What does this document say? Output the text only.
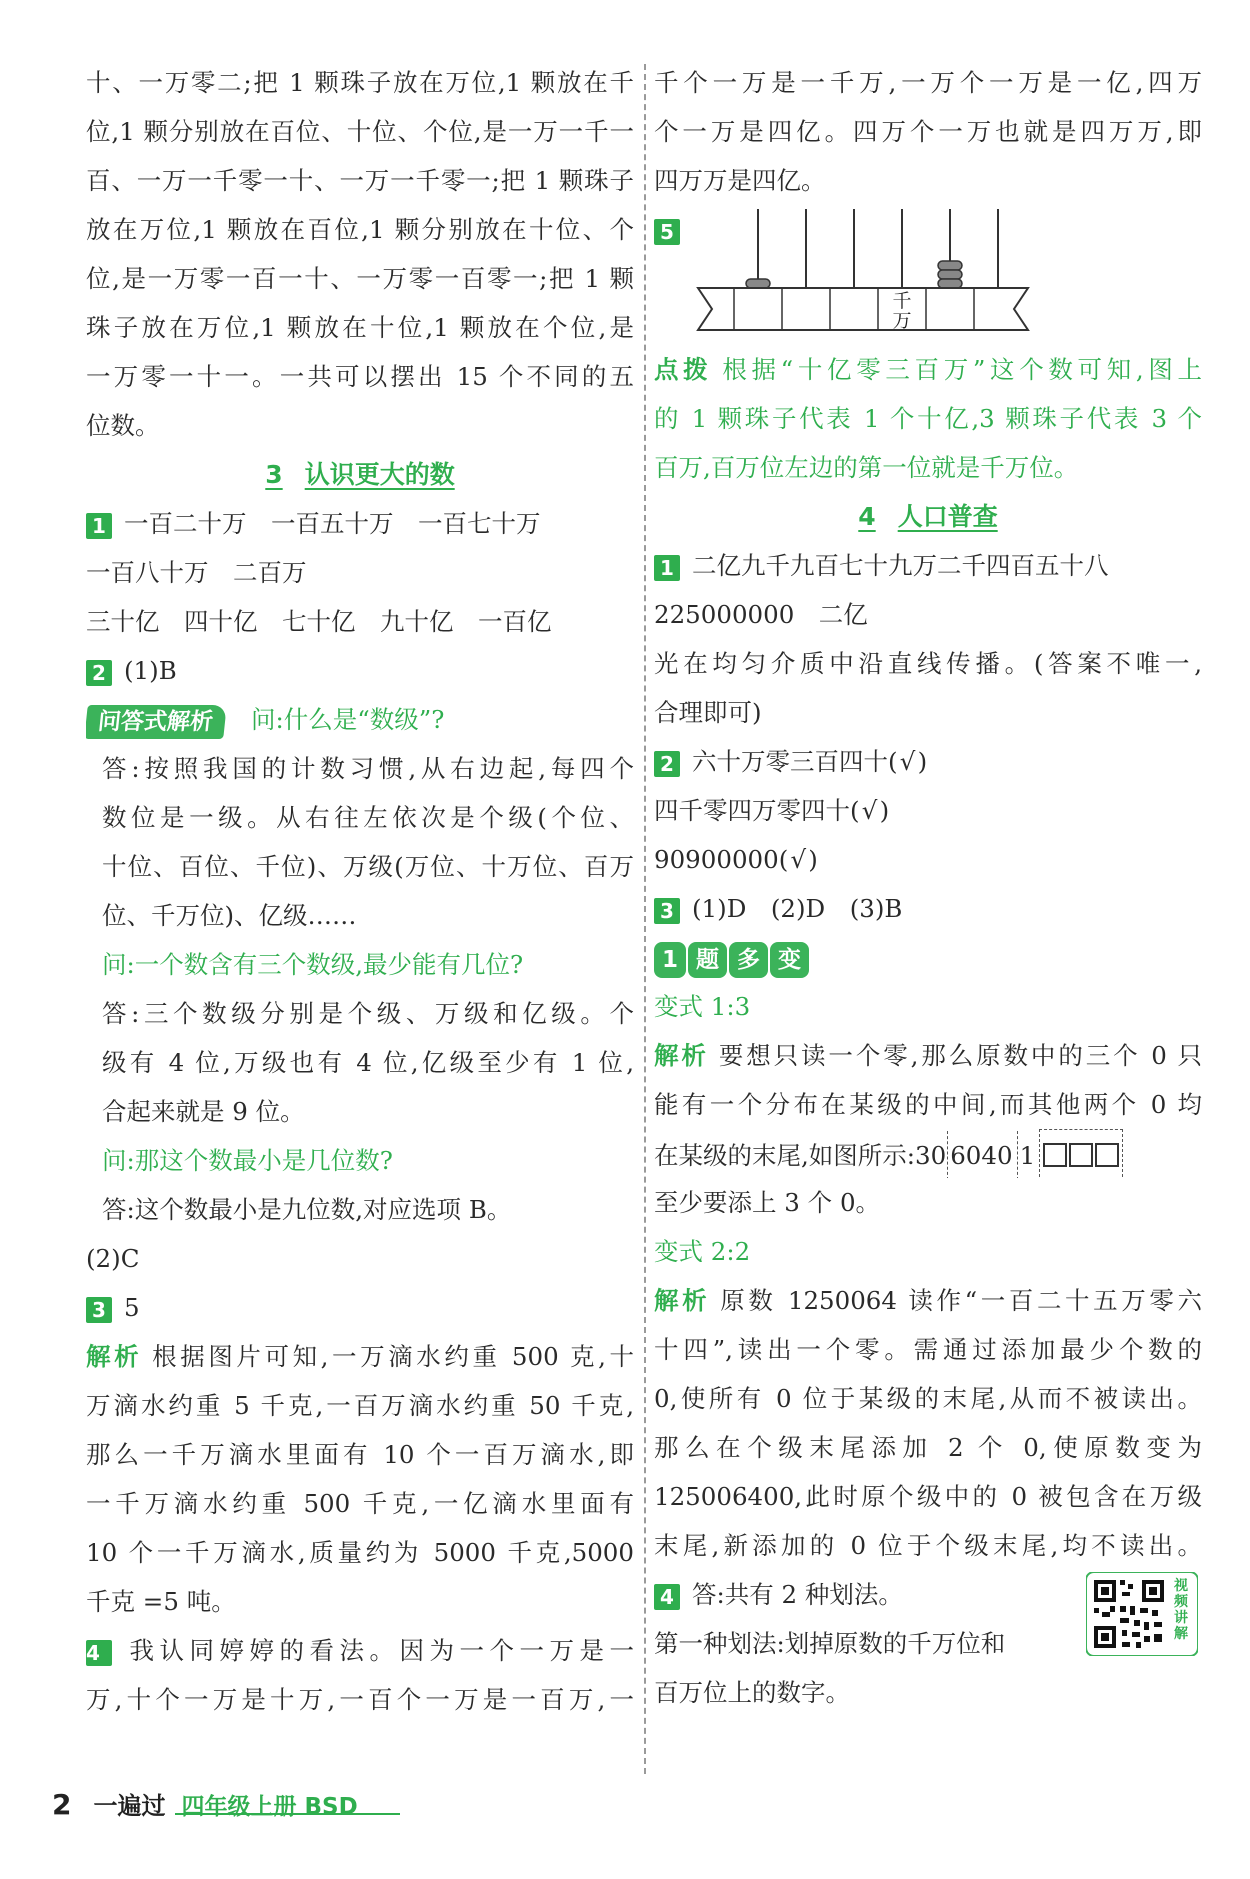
十、一万零二;把 1 颗珠子放在万位,1 颗放在千
位,1 颗分别放在百位、十位、个位,是一万一千一
百、一万一千零一十、一万一千零一;把 1 颗珠子
放在万位,1 颗放在百位,1 颗分别放在十位、个
位,是一万零一百一十、一万零一百零一;把 1 颗
珠子放在万位,1 颗放在十位,1 颗放在个位,是
一万零一十一。一共可以摆出 15 个不同的五
位数。
3 认识更大的数
1 一百二十万　一百五十万　一百七十万
一百八十万　二百万
三十亿　四十亿　七十亿　九十亿　一百亿
2 (1)B
问答式解析 问:什么是“数级”?
答:按照我国的计数习惯,从右边起,每四个
数位是一级。从右往左依次是个级(个位、
十位、百位、千位)、万级(万位、十万位、百万
位、千万位)、亿级……
问:一个数含有三个数级,最少能有几位?
答:三个数级分别是个级、万级和亿级。个
级有 4 位,万级也有 4 位,亿级至少有 1 位,
合起来就是 9 位。
问:那这个数最小是几位数?
答:这个数最小是九位数,对应选项 B。
(2)C
3 5
解析 根据图片可知,一万滴水约重 500 克,十
万滴水约重 5 千克,一百万滴水约重 50 千克,
那么一千万滴水里面有 10 个一百万滴水,即
一千万滴水约重 500 千克,一亿滴水里面有
10 个一千万滴水,质量约为 5000 千克,5000
千克 =5 吨。
4 我认同婷婷的看法。因为一个一万是一
万,十个一万是十万,一百个一万是一百万,一
千个一万是一千万,一万个一万是一亿,四万
个一万是四亿。四万个一万也就是四万万,即
四万万是四亿。
5
千
万
点拨 根据“十亿零三百万”这个数可知,图上
的 1 颗珠子代表 1 个十亿,3 颗珠子代表 3 个
百万,百万位左边的第一位就是千万位。
4 人口普查
1 二亿九千九百七十九万二千四百五十八
225000000　二亿
光在均匀介质中沿直线传播。(答案不唯一,
合理即可)
2 六十万零三百四十(√)
四千零四万零四十(√)
90900000(√)
3 (1)D　(2)D　(3)B
1 题 多 变
变式 1:3
解析 要想只读一个零,那么原数中的三个 0 只
能有一个分布在某级的中间,而其他两个 0 均
在某级的末尾,如图所示:30 6040 1
至少要添上 3 个 0。
变式 2:2
解析 原数 1250064 读作“一百二十五万零六
十四”,读出一个零。需通过添加最少个数的
0,使所有 0 位于某级的末尾,从而不被读出。
那么在个级末尾添加 2 个 0,使原数变为
125006400,此时原个级中的 0 被包含在万级
末尾,新添加的 0 位于个级末尾,均不读出。
4 答:共有 2 种划法。
第一种划法:划掉原数的千万位和
百万位上的数字。
视频讲解
2 一遍过 四年级上册 BSD
